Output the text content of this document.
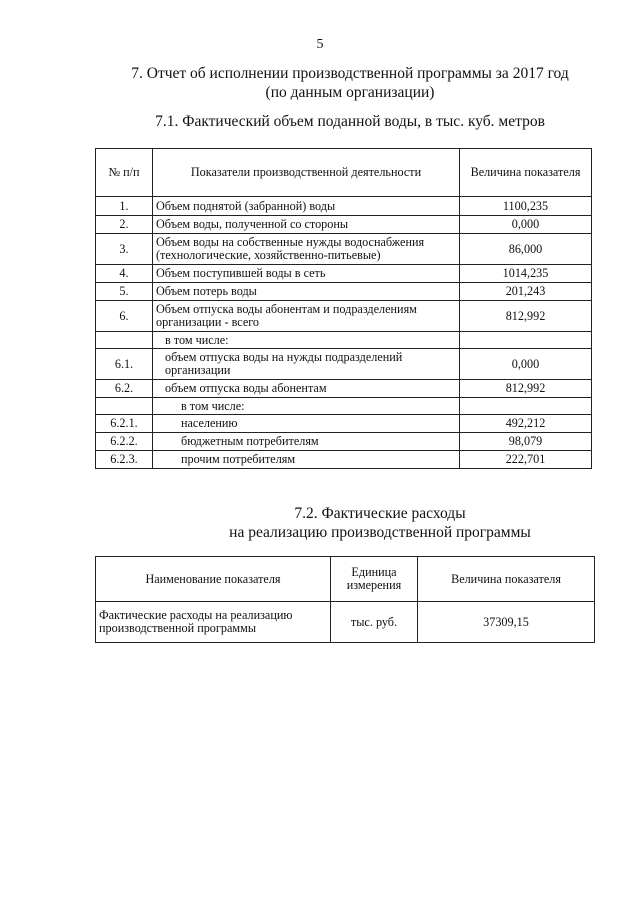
5
7. Отчет об исполнении производственной программы за 2017 год
(по данным организации)
7.1. Фактический объем поданной воды, в тыс. куб. метров
№ п/п	Показатели производственной деятельности	Величина показателя
1.	Объем поднятой (забранной) воды	1100,235
2.	Объем воды, полученной со стороны	0,000
3.	Объем воды на собственные нужды водоснабжения (технологические, хозяйственно-питьевые)	86,000
4.	Объем поступившей воды в сеть	1014,235
5.	Объем потерь воды	201,243
6.	Объем отпуска воды абонентам и подразделениям организации - всего	812,992
	в том числе:	
6.1.	объем отпуска воды на нужды подразделений организации	0,000
6.2.	объем отпуска воды абонентам	812,992
	в том числе:	
6.2.1.	населению	492,212
6.2.2.	бюджетным потребителям	98,079
6.2.3.	прочим потребителям	222,701
7.2. Фактические расходы
на реализацию производственной программы
Наименование показателя	Единица измерения	Величина показателя
Фактические расходы на реализацию производственной программы	тыс. руб.	37309,15
